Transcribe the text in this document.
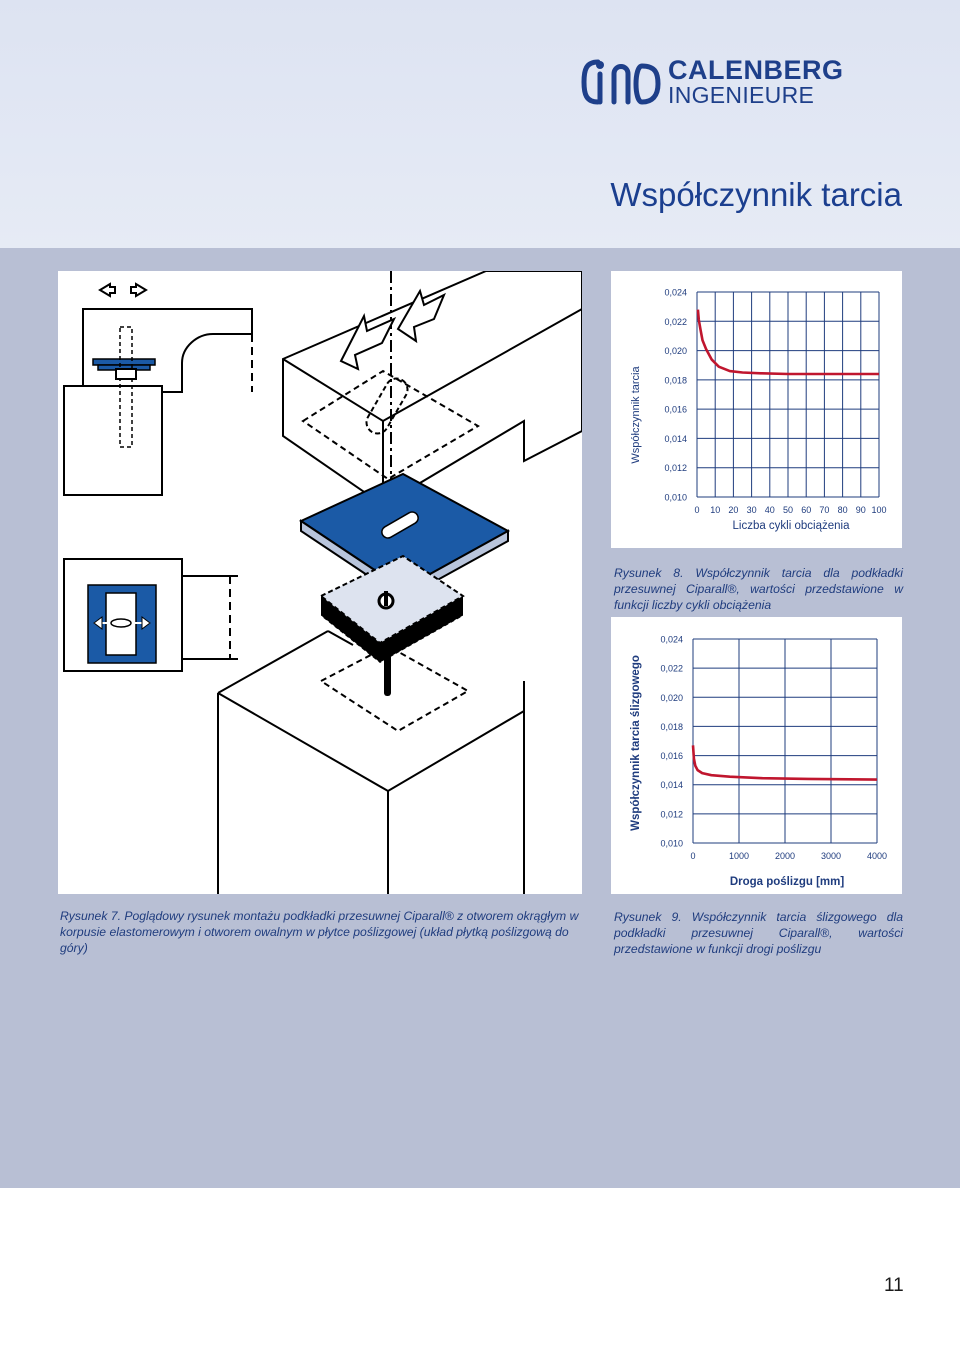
CALENBERG
INGENIEURE
Współczynnik tarcia
Współczynnik tarcia
Liczba cykli obciążenia
0,010
0,012
0,014
0,016
0,018
0,020
0,022
0,024
0 10 20 30 40 50 60 70 80 90 100
Współczynnik tarcia ślizgowego
Droga poślizgu [mm]
0,010
0,012
0,014
0,016
0,018
0,020
0,022
0,024
0	1000	2000	3000	4000
Rysunek 7. Poglądowy rysunek montażu podkładki przesuwnej Ciparall® z otworem okrągłym w korpusie elastomerowym i otworem owalnym w płytce poślizgowej (układ płytką poślizgową do góry)
Rysunek 8. Współczynnik tarcia dla podkładki przesuwnej Ciparall®, wartości przedstawione w funkcji liczby cykli obciążenia
Rysunek 9. Współczynnik tarcia ślizgowego dla podkładki przesuwnej Ciparall®, wartości przedstawione w funkcji drogi poślizgu
11
